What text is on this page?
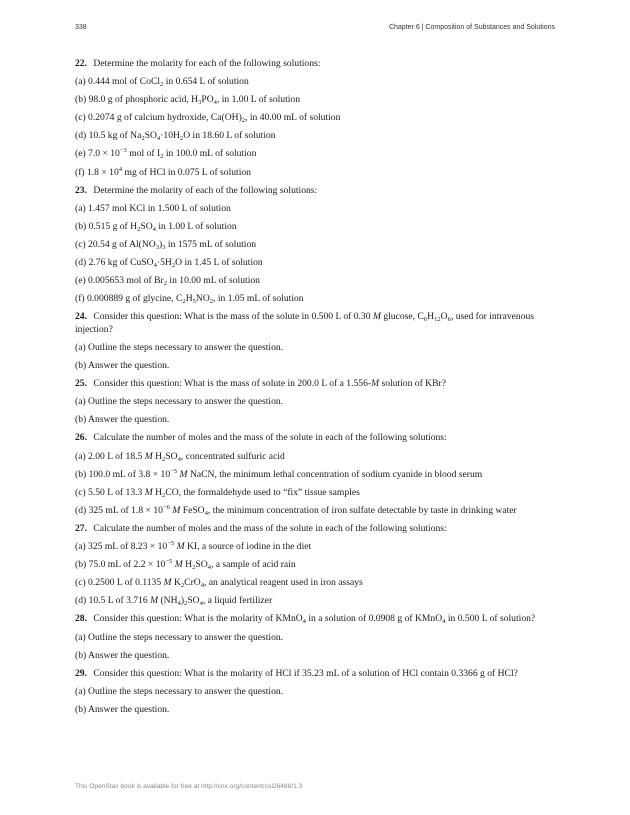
338	Chapter 6 | Composition of Substances and Solutions
22. Determine the molarity for each of the following solutions:
(a) 0.444 mol of CoCl$_2$ in 0.654 L of solution
(b) 98.0 g of phosphoric acid, $H_3PO_4$, in 1.00 L of solution
(c) 0.2074 g of calcium hydroxide, $Ca(OH)_2$, in 40.00 mL of solution
(d) 10.5 kg of $Na_2SO_4\cdot 10H_2O$ in 18.60 L of solution
(e) $7.0 \times 10^{-3}$ mol of $I_2$ in 100.0 mL of solution
(f) $1.8 \times 10^4$ mg of HCl in 0.075 L of solution
23. Determine the molarity of each of the following solutions:
(a) 1.457 mol KCl in 1.500 L of solution
(b) 0.515 g of $H_2SO_4$ in 1.00 L of solution
(c) 20.54 g of $Al(NO_3)_3$ in 1575 mL of solution
(d) 2.76 kg of $CuSO_4\cdot 5H_2O$ in 1.45 L of solution
(e) 0.005653 mol of $Br_2$ in 10.00 mL of solution
(f) 0.000889 g of glycine, $C_2H_5NO_2$, in 1.05 mL of solution
24. Consider this question: What is the mass of the solute in 0.500 L of 0.30 M glucose, $C_6H_{12}O_6$, used for intravenous injection?
(a) Outline the steps necessary to answer the question.
(b) Answer the question.
25. Consider this question: What is the mass of solute in 200.0 L of a 1.556-M solution of KBr?
(a) Outline the steps necessary to answer the question.
(b) Answer the question.
26. Calculate the number of moles and the mass of the solute in each of the following solutions:
(a) 2.00 L of 18.5 M $H_2SO_4$, concentrated sulfuric acid
(b) 100.0 mL of $3.8 \times 10^{-5}$ M NaCN, the minimum lethal concentration of sodium cyanide in blood serum
(c) 5.50 L of 13.3 M $H_2CO$, the formaldehyde used to “fix” tissue samples
(d) 325 mL of $1.8 \times 10^{-6}$ M FeSO$_4$, the minimum concentration of iron sulfate detectable by taste in drinking water
27. Calculate the number of moles and the mass of the solute in each of the following solutions:
(a) 325 mL of $8.23 \times 10^{-5}$ M KI, a source of iodine in the diet
(b) 75.0 mL of $2.2 \times 10^{-5}$ M $H_2SO_4$, a sample of acid rain
(c) 0.2500 L of 0.1135 M $K_2CrO_4$, an analytical reagent used in iron assays
(d) 10.5 L of 3.716 M $(NH_4)_2SO_4$, a liquid fertilizer
28. Consider this question: What is the molarity of KMnO$_4$ in a solution of 0.0908 g of KMnO$_4$ in 0.500 L of solution?
(a) Outline the steps necessary to answer the question.
(b) Answer the question.
29. Consider this question: What is the molarity of HCl if 35.23 mL of a solution of HCl contain 0.3366 g of HCl?
(a) Outline the steps necessary to answer the question.
(b) Answer the question.
This OpenStax book is available for free at http://cnx.org/content/col26488/1.3
